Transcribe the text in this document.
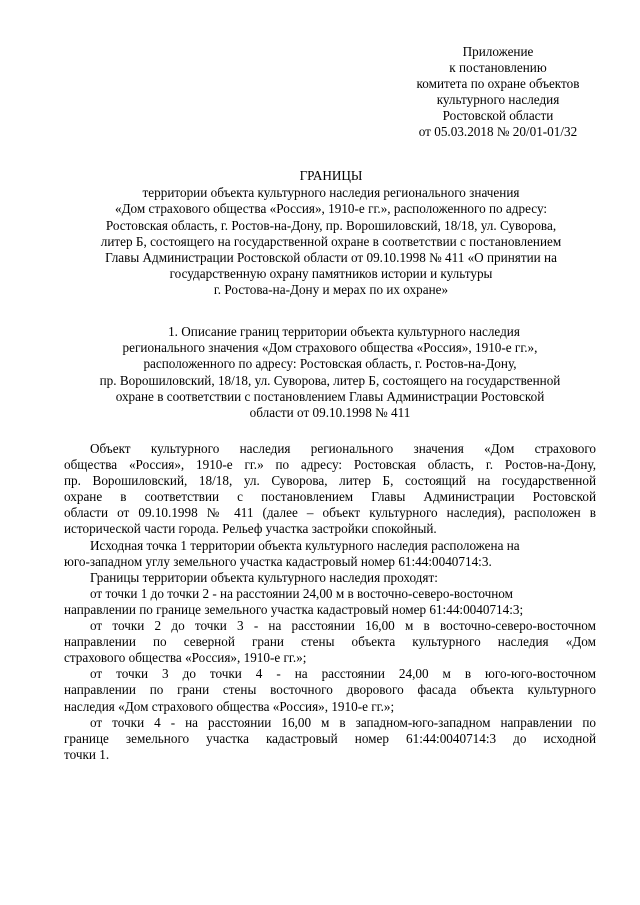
Приложение
к постановлению
комитета по охране объектов
культурного наследия
Ростовской области
от 05.03.2018 № 20/01-01/32
ГРАНИЦЫ
территории объекта культурного наследия регионального значения
«Дом страхового общества «Россия», 1910-е гг.», расположенного по адресу:
Ростовская область, г. Ростов-на-Дону, пр. Ворошиловский, 18/18, ул. Суворова,
литер Б, состоящего на государственной охране в соответствии с постановлением
Главы Администрации Ростовской области от 09.10.1998 № 411 «О принятии на
государственную охрану памятников истории и культуры
г. Ростова-на-Дону и мерах по их охране»
1. Описание границ территории объекта культурного наследия
регионального значения «Дом страхового общества «Россия», 1910-е гг.»,
расположенного по адресу: Ростовская область, г. Ростов-на-Дону,
пр. Ворошиловский, 18/18, ул. Суворова, литер Б, состоящего на государственной
охране в соответствии с постановлением Главы Администрации Ростовской
области от 09.10.1998 № 411
Объект культурного наследия регионального значения «Дом страхового
общества «Россия», 1910-е гг.» по адресу: Ростовская область, г. Ростов-на-Дону,
пр. Ворошиловский, 18/18, ул. Суворова, литер Б, состоящий на государственной
охране в соответствии с постановлением Главы Администрации Ростовской
области от 09.10.1998 № 411 (далее – объект культурного наследия), расположен в
исторической части города. Рельеф участка застройки спокойный.
Исходная точка 1 территории объекта культурного наследия расположена на
юго-западном углу земельного участка кадастровый номер 61:44:0040714:3.
Границы территории объекта культурного наследия проходят:
от точки 1 до точки 2 - на расстоянии 24,00 м в восточно-северо-восточном
направлении по границе земельного участка кадастровый номер 61:44:0040714:3;
от точки 2 до точки 3 - на расстоянии 16,00 м в восточно-северо-восточном
направлении по северной грани стены объекта культурного наследия «Дом
страхового общества «Россия», 1910-е гг.»;
от точки 3 до точки 4 - на расстоянии 24,00 м в юго-юго-восточном
направлении по грани стены восточного дворового фасада объекта культурного
наследия «Дом страхового общества «Россия», 1910-е гг.»;
от точки 4 - на расстоянии 16,00 м в западном-юго-западном направлении по
границе земельного участка кадастровый номер 61:44:0040714:3 до исходной
точки 1.
